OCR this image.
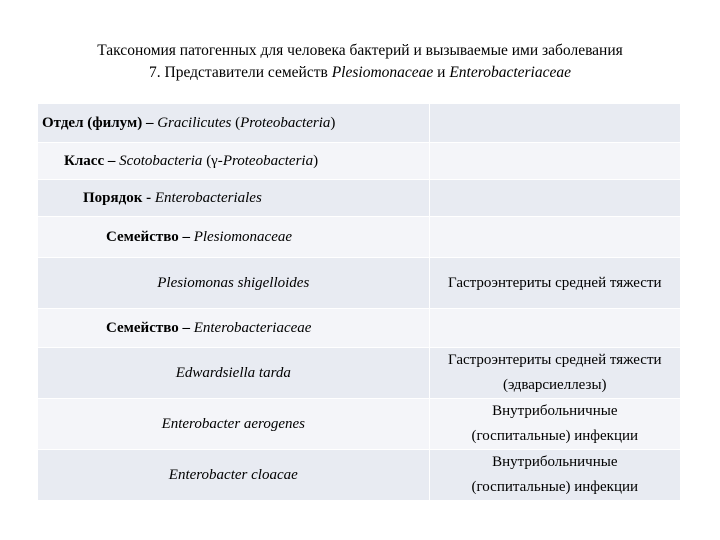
Таксономия патогенных для человека бактерий и вызываемые ими заболевания
7. Представители семейств Plesiomonaceae и Enterobacteriaceae
Отдел (филум) – Gracilicutes (Proteobacteria)	
Класс – Scotobacteria (γ-Proteobacteria)	
Порядок - Enterobacteriales	
Семейство – Plesiomonaceae	
Plesiomonas shigelloides	Гастроэнтериты средней тяжести
Семейство – Enterobacteriaceae	
Edwardsiella tarda	Гастроэнтериты средней тяжести
(эдварсиеллезы)

Enterobacter aerogenes	Внутрибольничные
(госпитальные) инфекции

Enterobacter cloacae	Внутрибольничные
(госпитальные) инфекции
